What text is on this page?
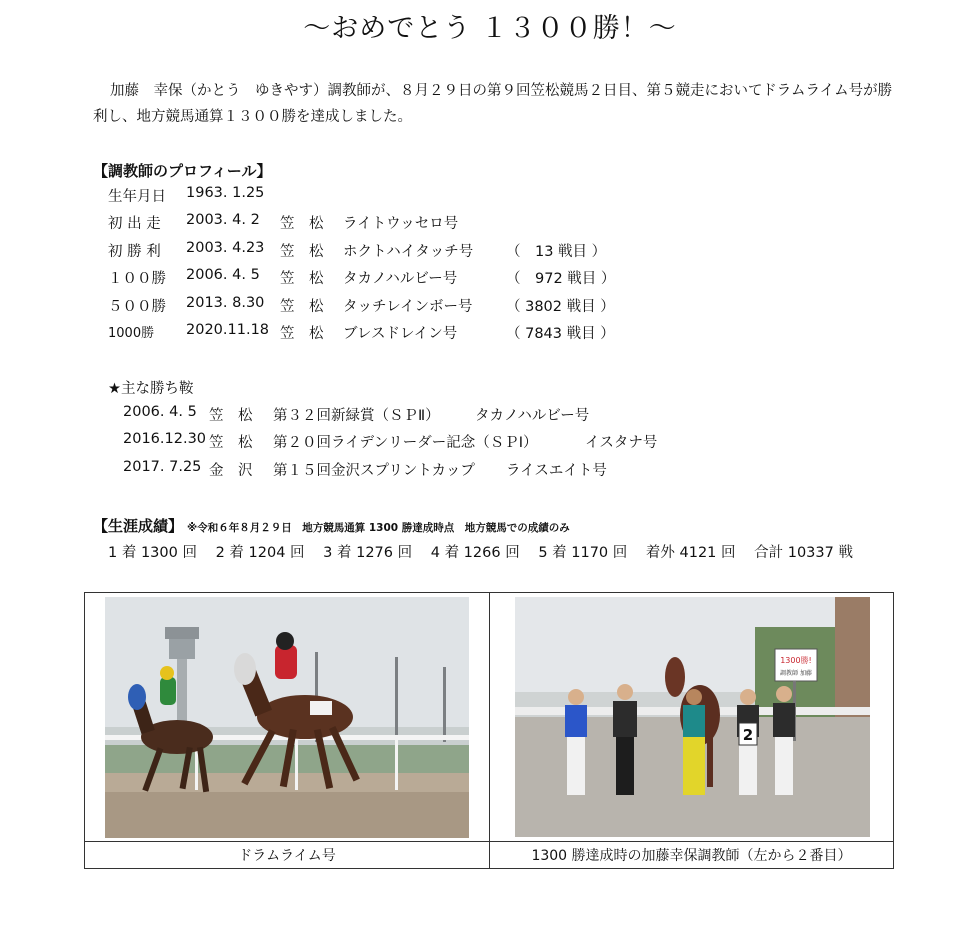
～おめでとう １３００勝！～
加藤　幸保（かとう　ゆきやす）調教師が、８月２９日の第９回笠松競馬２日目、第５競走においてドラムライム号が勝利し、地方競馬通算１３００勝を達成しました。
【調教師のプロフィール】
生年月日 1963. 1.25
初 出 走 2003. 4. 2 笠　松 ライトウッセロ号
初 勝 利 2003. 4.23 笠　松 ホクトハイタッチ号 （　13 戦目 ）
１００勝 2006. 4. 5 笠　松 タカノハルビー号	（　972 戦目 ）
５００勝 2013. 8.30 笠　松 タッチレインボー号 （ 3802 戦目 ）
1000勝 2020.11.18 笠　松 ブレスドレイン号	（ 7843 戦目 ）
★主な勝ち鞍
2006. 4. 5 笠　松 第３２回新緑賞（ＳＰⅡ） タカノハルビー号
2016.12.30 笠　松 第２０回ライデンリーダー記念（ＳＰⅠ）	イスタナ号
2017. 7.25 金　沢 第１５回金沢スプリントカップ ライスエイト号
【生涯成績】 ※令和６年８月２９日　地方競馬通算 1300 勝達成時点　地方競馬での成績のみ
1 着 1300 回 2 着 1204 回 3 着 1276 回 4 着 1266 回 5 着 1170 回 着外 4121 回 合計 10337 戦
1300勝!
調教師 加藤
2
ドラムライム号	1300 勝達成時の加藤幸保調教師（左から２番目）
